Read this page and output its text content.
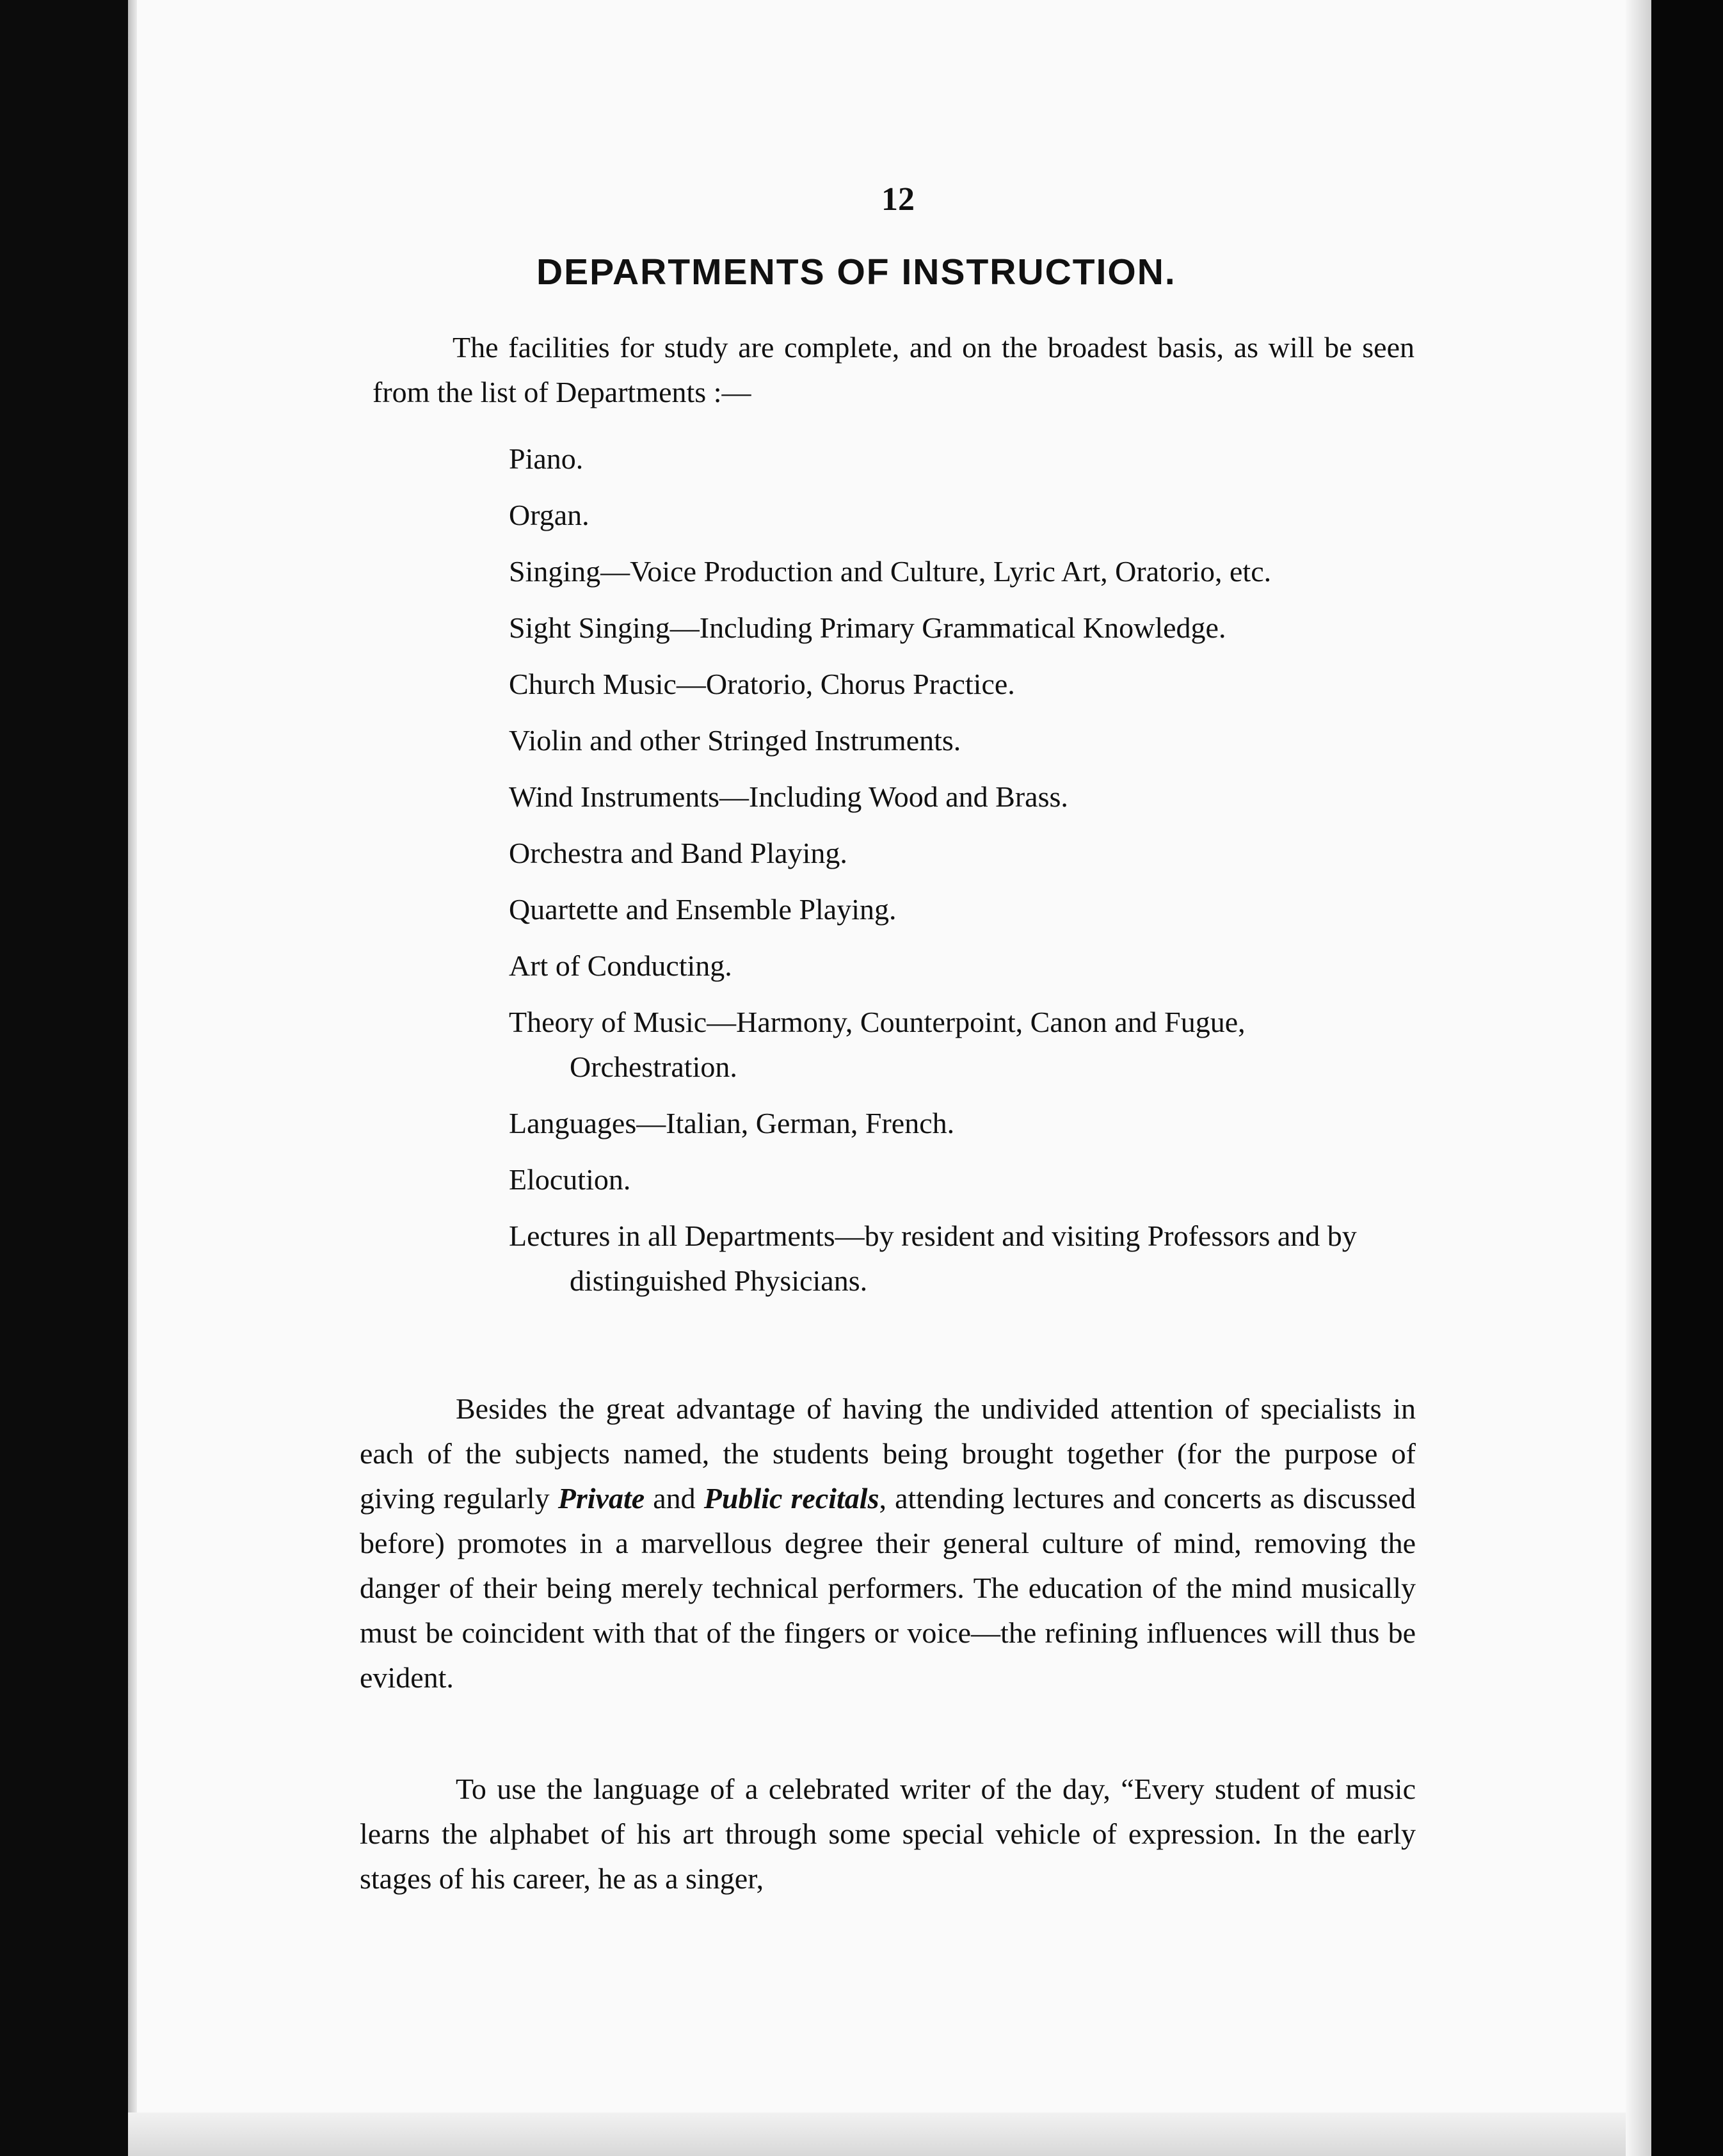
12
DEPARTMENTS OF INSTRUCTION.

The facilities for study are complete, and on the broadest basis, as will be seen from the list of Departments :—

Piano.
Organ.
Singing—Voice Production and Culture, Lyric Art, Oratorio, etc.
Sight Singing—Including Primary Grammatical Knowledge.
Church Music—Oratorio, Chorus Practice.
Violin and other Stringed Instruments.
Wind Instruments—Including Wood and Brass.
Orchestra and Band Playing.
Quartette and Ensemble Playing.
Art of Conducting.
Theory of Music—Harmony, Counterpoint, Canon and Fugue, Orchestration.
Languages—Italian, German, French.
Elocution.
Lectures in all Departments—by resident and visiting Professors and by distinguished Physicians.

Besides the great advantage of having the undivided attention of specialists in each of the subjects named, the students being brought together (for the purpose of giving regularly Private and Public recitals, attending lectures and concerts as discussed before) promotes in a marvellous degree their general culture of mind, removing the danger of their being merely technical performers. The education of the mind musically must be coincident with that of the fingers or voice—the refining influences will thus be evident.

To use the language of a celebrated writer of the day, “Every student of music learns the alphabet of his art through some special vehicle of expression. In the early stages of his career, he as a singer,
